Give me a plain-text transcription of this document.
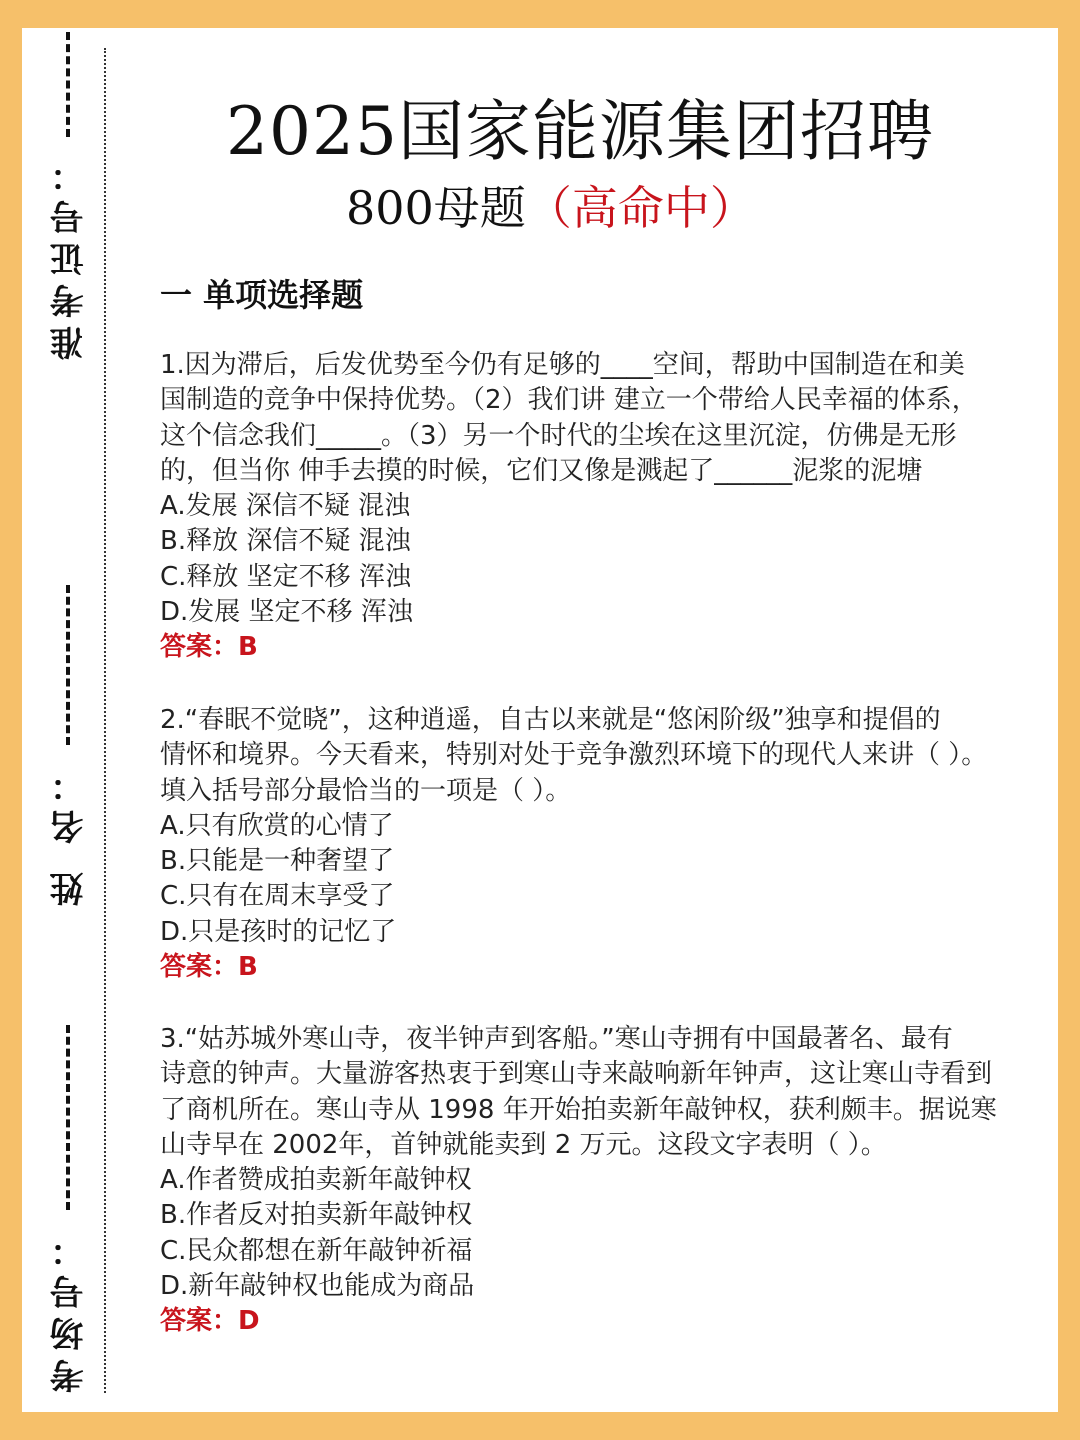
准考证号：
姓 名：
考场号：
2025国家能源集团招聘
800母题（高命中）
一 单项选择题

1.因为滞后，后发优势至今仍有足够的____空间，帮助中国制造在和美

国制造的竞争中保持优势。（2）我们讲 建立一个带给人民幸福的体系，

这个信念我们_____。（3）另一个时代的尘埃在这里沉淀，仿佛是无形

的，但当你 伸手去摸的时候，它们又像是溅起了______泥浆的泥塘

A.发展 深信不疑 混浊

B.释放 深信不疑 混浊

C.释放 坚定不移 浑浊

D.发展 坚定不移 浑浊

答案：B

2.“春眠不觉晓”，这种逍遥，自古以来就是“悠闲阶级”独享和提倡的

情怀和境界。今天看来，特别对处于竞争激烈环境下的现代人来讲（ ）。

填入括号部分最恰当的一项是（ ）。

A.只有欣赏的心情了

B.只能是一种奢望了

C.只有在周末享受了

D.只是孩时的记忆了

答案：B

3.“姑苏城外寒山寺，夜半钟声到客船。”寒山寺拥有中国最著名、最有

诗意的钟声。大量游客热衷于到寒山寺来敲响新年钟声，这让寒山寺看到

了商机所在。寒山寺从 1998 年开始拍卖新年敲钟权，获利颇丰。据说寒

山寺早在 2002年，首钟就能卖到 2 万元。这段文字表明（ ）。

A.作者赞成拍卖新年敲钟权

B.作者反对拍卖新年敲钟权

C.民众都想在新年敲钟祈福

D.新年敲钟权也能成为商品

答案：D
